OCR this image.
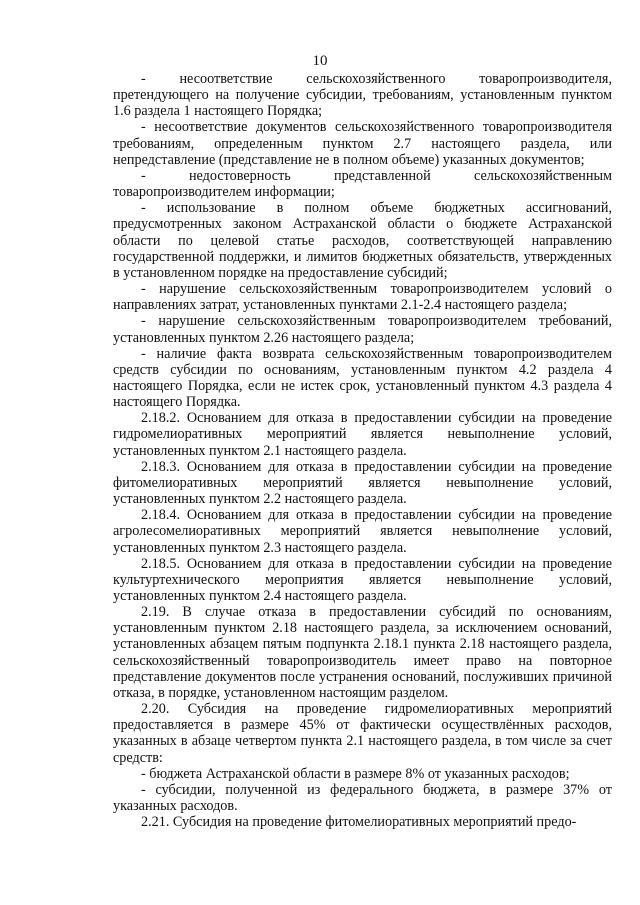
10

- несоответствие сельскохозяйственного товаропроизводителя, претендующего на получение субсидии, требованиям, установленным пунктом 1.6 раздела 1 настоящего Порядка;

- несоответствие документов сельскохозяйственного товаропроизводителя требованиям, определенным пунктом 2.7 настоящего раздела, или непредставление (представление не в полном объеме) указанных документов;

- недостоверность представленной сельскохозяйственным товаропроизводителем информации;

- использование в полном объеме бюджетных ассигнований, предусмотренных законом Астраханской области о бюджете Астраханской области по целевой статье расходов, соответствующей направлению государственной поддержки, и лимитов бюджетных обязательств, утвержденных в установленном порядке на предоставление субсидий;

- нарушение сельскохозяйственным товаропроизводителем условий о направлениях затрат, установленных пунктами 2.1-2.4 настоящего раздела;

- нарушение сельскохозяйственным товаропроизводителем требований, установленных пунктом 2.26 настоящего раздела;

- наличие факта возврата сельскохозяйственным товаропроизводителем средств субсидии по основаниям, установленным пунктом 4.2 раздела 4 настоящего Порядка, если не истек срок, установленный пунктом 4.3 раздела 4 настоящего Порядка.

2.18.2. Основанием для отказа в предоставлении субсидии на проведение гидромелиоративных мероприятий является невыполнение условий, установленных пунктом 2.1 настоящего раздела.

2.18.3. Основанием для отказа в предоставлении субсидии на проведение фитомелиоративных мероприятий является невыполнение условий, установленных пунктом 2.2 настоящего раздела.

2.18.4. Основанием для отказа в предоставлении субсидии на проведение агролесомелиоративных мероприятий является невыполнение условий, установленных пунктом 2.3 настоящего раздела.

2.18.5. Основанием для отказа в предоставлении субсидии на проведение культуртехнического мероприятия является невыполнение условий, установленных пунктом 2.4 настоящего раздела.

2.19. В случае отказа в предоставлении субсидий по основаниям, установленным пунктом 2.18 настоящего раздела, за исключением оснований, установленных абзацем пятым подпункта 2.18.1 пункта 2.18 настоящего раздела, сельскохозяйственный товаропроизводитель имеет право на повторное представление документов после устранения оснований, послуживших причиной отказа, в порядке, установленном настоящим разделом.

2.20. Субсидия на проведение гидромелиоративных мероприятий предоставляется в размере 45% от фактически осуществлённых расходов, указанных в абзаце четвертом пункта 2.1 настоящего раздела, в том числе за счет средств:

- бюджета Астраханской области в размере 8% от указанных расходов;

- субсидии, полученной из федерального бюджета, в размере 37% от указанных расходов.

2.21. Субсидия на проведение фитомелиоративных мероприятий предо-
